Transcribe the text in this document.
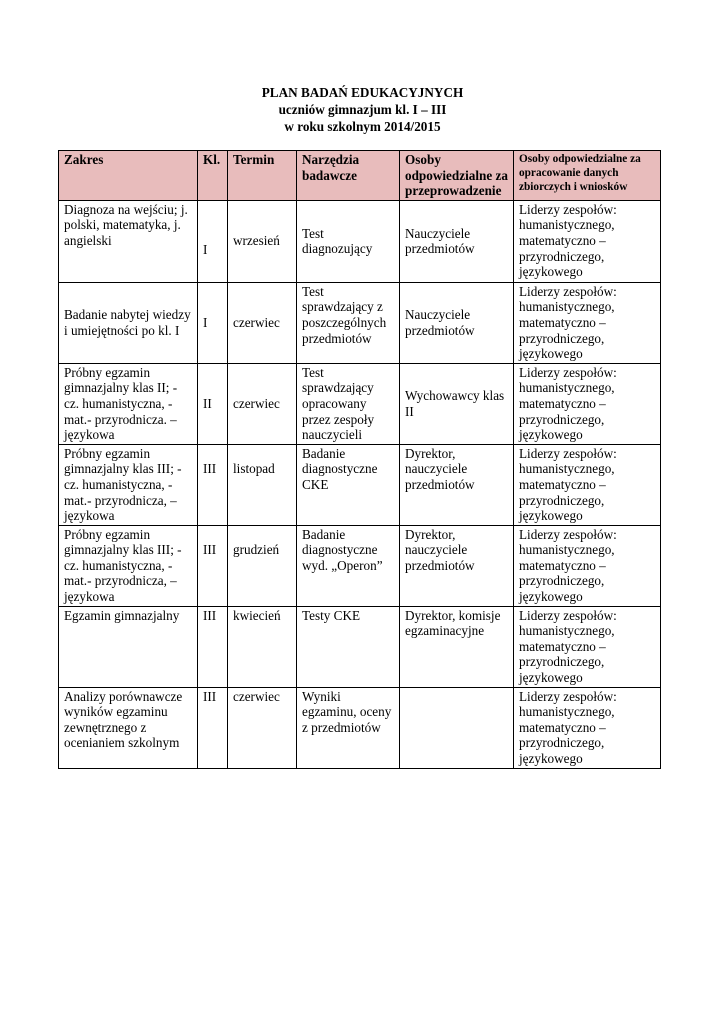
PLAN BADAŃ EDUKACYJNYCH
uczniów gimnazjum kl. I – III
w roku szkolnym 2014/2015
Zakres	Kl.	Termin	Narzędzia badawcze	Osoby odpowiedzialne za przeprowadzenie	Osoby odpowiedzialne za opracowanie danych zbiorczych i wniosków
Diagnoza na wejściu; j. polski, matematyka, j. angielski	I	wrzesień	Test diagnozujący	Nauczyciele przedmiotów	Liderzy zespołów: humanistycznego, matematyczno – przyrodniczego, językowego
Badanie nabytej wiedzy i umiejętności po kl. I	I	czerwiec	Test sprawdzający z poszczególnych przedmiotów	Nauczyciele przedmiotów	Liderzy zespołów: humanistycznego, matematyczno – przyrodniczego, językowego
Próbny egzamin gimnazjalny klas II; - cz. humanistyczna, - mat.- przyrodnicza. – językowa	II	czerwiec	Test sprawdzający opracowany przez zespoły nauczycieli	Wychowawcy klas II	Liderzy zespołów: humanistycznego, matematyczno – przyrodniczego, językowego
Próbny egzamin gimnazjalny klas III; - cz. humanistyczna, - mat.- przyrodnicza, – językowa	III	listopad	Badanie diagnostyczne CKE	Dyrektor, nauczyciele przedmiotów	Liderzy zespołów: humanistycznego, matematyczno – przyrodniczego, językowego
Próbny egzamin gimnazjalny klas III; - cz. humanistyczna, - mat.- przyrodnicza, – językowa	III	grudzień	Badanie diagnostyczne wyd. „Operon”	Dyrektor, nauczyciele przedmiotów	Liderzy zespołów: humanistycznego, matematyczno – przyrodniczego, językowego
Egzamin gimnazjalny	III	kwiecień	Testy CKE	Dyrektor, komisje egzaminacyjne	Liderzy zespołów: humanistycznego, matematyczno – przyrodniczego, językowego
Analizy porównawcze wyników egzaminu zewnętrznego z ocenianiem szkolnym	III	czerwiec	Wyniki egzaminu, oceny z przedmiotów		Liderzy zespołów: humanistycznego, matematyczno – przyrodniczego, językowego
